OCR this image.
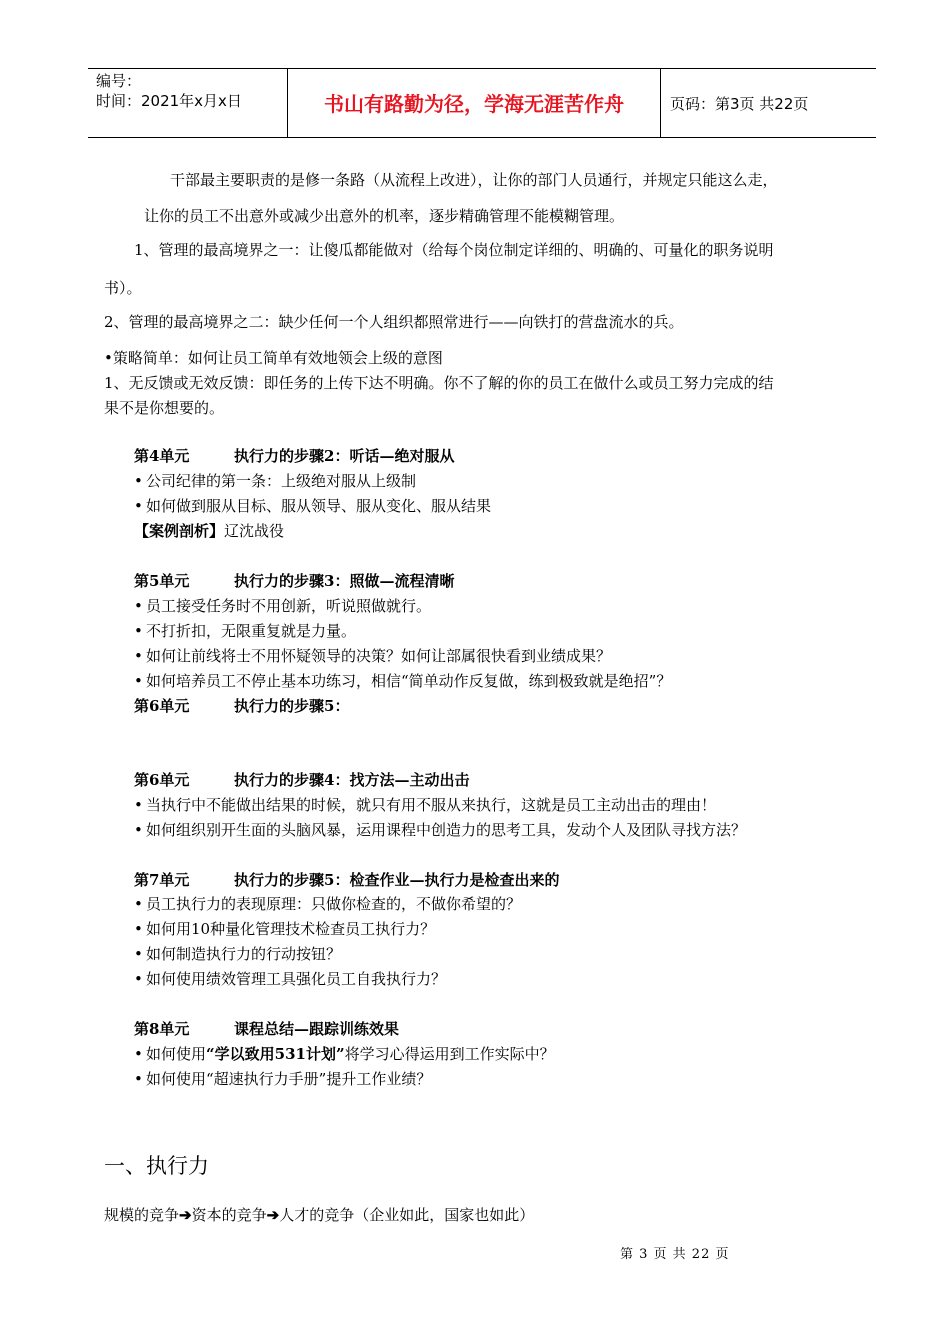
编号：
时间：2021年x月x日	书山有路勤为径，学海无涯苦作舟	页码：第3页 共22页
干部最主要职责的是修一条路（从流程上改进），让你的部门人员通行，并规定只能这么走，
让你的员工不出意外或减少出意外的机率，逐步精确管理不能模糊管理。
1、管理的最高境界之一：让傻瓜都能做对（给每个岗位制定详细的、明确的、可量化的职务说明
书）。
2、管理的最高境界之二：缺少任何一个人组织都照常进行——向铁打的营盘流水的兵。
•策略简单：如何让员工简单有效地领会上级的意图
1、无反馈或无效反馈：即任务的上传下达不明确。你不了解的你的员工在做什么或员工努力完成的结
果不是你想要的。
第4单元	执行力的步骤2：听话—绝对服从
• 公司纪律的第一条：上级绝对服从上级制
• 如何做到服从目标、服从领导、服从变化、服从结果
【案例剖析】辽沈战役
第5单元	执行力的步骤3：照做—流程清晰
• 员工接受任务时不用创新，听说照做就行。
• 不打折扣，无限重复就是力量。
• 如何让前线将士不用怀疑领导的决策？如何让部属很快看到业绩成果？
• 如何培养员工不停止基本功练习，相信“简单动作反复做，练到极致就是绝招”？
第6单元	执行力的步骤5：
第6单元	执行力的步骤4：找方法—主动出击
• 当执行中不能做出结果的时候，就只有用不服从来执行，这就是员工主动出击的理由！
• 如何组织别开生面的头脑风暴，运用课程中创造力的思考工具，发动个人及团队寻找方法？
第7单元	执行力的步骤5：检查作业—执行力是检查出来的
• 员工执行力的表现原理：只做你检查的，不做你希望的？
• 如何用10种量化管理技术检查员工执行力？
• 如何制造执行力的行动按钮？
• 如何使用绩效管理工具强化员工自我执行力？
第8单元	课程总结—跟踪训练效果
• 如何使用“学以致用531计划”将学习心得运用到工作实际中？
• 如何使用“超速执行力手册”提升工作业绩？
一、执行力
规模的竞争➔资本的竞争➔人才的竞争（企业如此，国家也如此）
第 3 页 共 22 页
